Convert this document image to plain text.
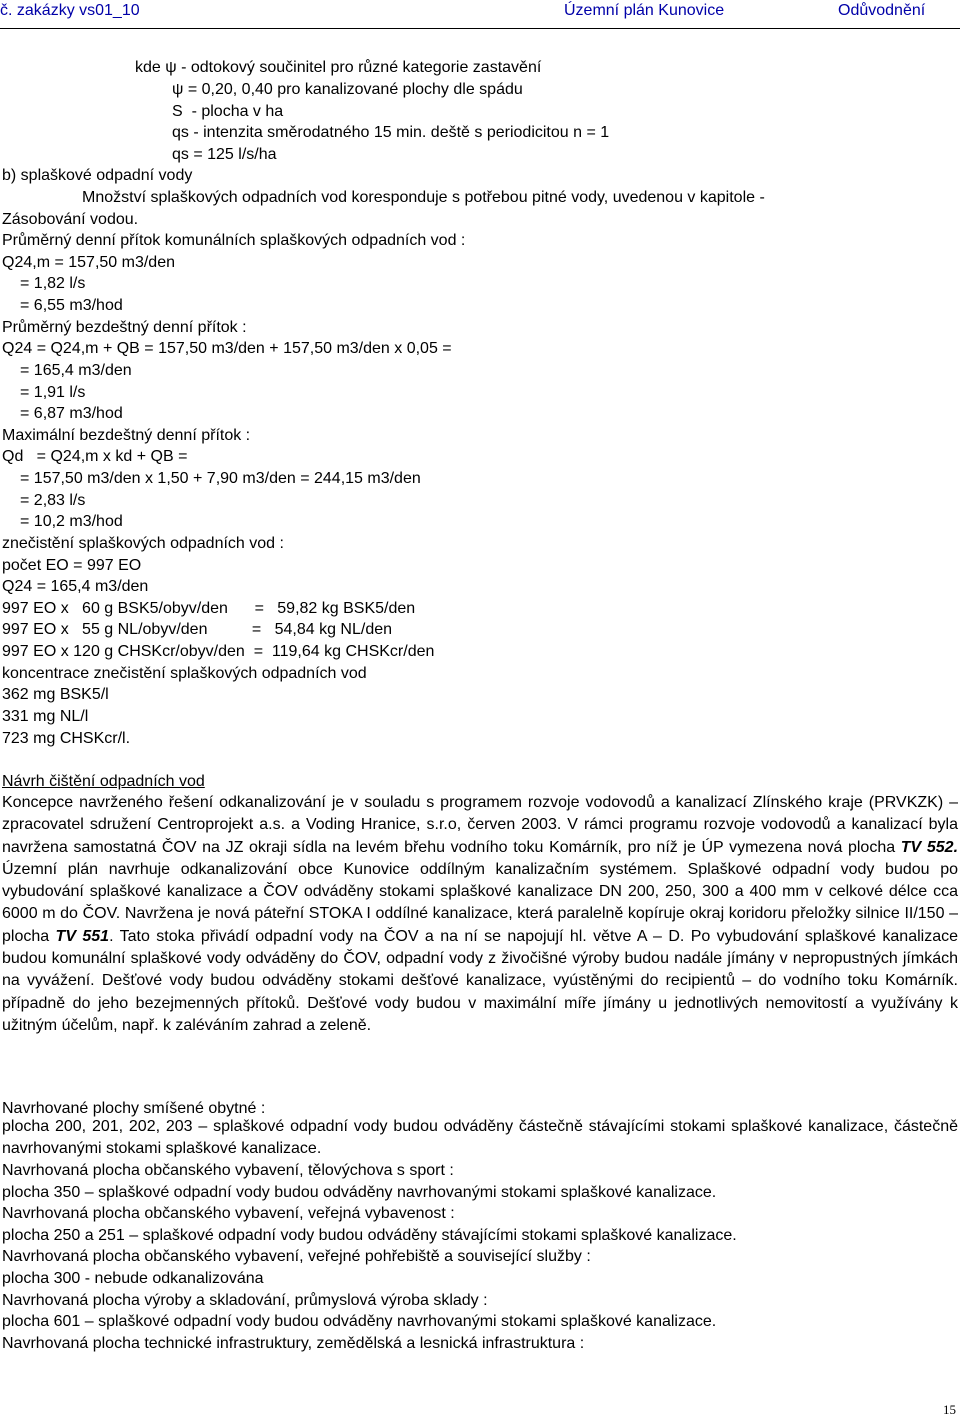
č. zakázky vs01_10	Územní plán Kunovice	Odůvodnění
kde ψ - odtokový součinitel pro různé kategorie zastavění
ψ = 0,20, 0,40 pro kanalizované plochy dle spádu
S  - plocha v ha
qs - intenzita směrodatného 15 min. deště s periodicitou n = 1
qs = 125 l/s/ha
b) splaškové odpadní vody
Množství splaškových odpadních vod koresponduje s potřebou pitné vody, uvedenou v kapitole -
Zásobování vodou.
Průměrný denní přítok komunálních splaškových odpadních vod :
Q24,m = 157,50 m3/den
= 1,82 l/s
= 6,55 m3/hod
Průměrný bezdeštný denní přítok :
Q24 = Q24,m + QB = 157,50 m3/den + 157,50 m3/den x 0,05 =
= 165,4 m3/den
= 1,91 l/s
= 6,87 m3/hod
Maximální bezdeštný denní přítok :
Qd   = Q24,m x kd + QB =
= 157,50 m3/den x 1,50 + 7,90 m3/den = 244,15 m3/den
= 2,83 l/s
= 10,2 m3/hod
znečistění splaškových odpadních vod :
počet EO = 997 EO
Q24 = 165,4 m3/den
997 EO x   60 g BSK5/obyv/den      =   59,82 kg BSK5/den
997 EO x   55 g NL/obyv/den          =   54,84 kg NL/den
997 EO x 120 g CHSKcr/obyv/den  =  119,64 kg CHSKcr/den
koncentrace znečistění splaškových odpadních vod
362 mg BSK5/l
331 mg NL/l
723 mg CHSKcr/l.
Návrh čištění odpadních vod
Koncepce navrženého řešení odkanalizování je v souladu s programem rozvoje vodovodů a kanalizací Zlínského kraje (PRVKZK) – zpracovatel sdružení Centroprojekt a.s. a Voding Hranice, s.r.o, červen 2003. V rámci programu rozvoje vodovodů a kanalizací byla navržena samostatná ČOV na JZ okraji sídla na levém břehu vodního toku Komárník, pro níž je ÚP vymezena nová plocha TV 552. Územní plán navrhuje odkanalizování obce Kunovice oddílným kanalizačním systémem. Splaškové odpadní vody budou po vybudování splaškové kanalizace a ČOV odváděny stokami splaškové kanalizace DN 200, 250, 300 a 400 mm v celkové délce cca 6000 m do ČOV. Navržena je nová páteřní STOKA I oddílné kanalizace, která paralelně kopíruje okraj koridoru přeložky silnice II/150 – plocha TV 551. Tato stoka přivádí odpadní vody na ČOV a na ní se napojují hl. větve A – D. Po vybudování splaškové kanalizace budou komunální splaškové vody odváděny do ČOV, odpadní vody z živočišné výroby budou nadále jímány v nepropustných jímkách na vyvážení. Dešťové vody budou odváděny stokami dešťové kanalizace, vyústěnými do recipientů – do vodního toku Komárník. případně do jeho bezejmenných přítoků. Dešťové vody budou v maximální míře jímány u jednotlivých nemovitostí a využívány k užitným účelům, např. k zaléváním zahrad a zeleně.
Navrhované plochy smíšené obytné :
plocha 200, 201, 202, 203 – splaškové odpadní vody budou odváděny částečně stávajícími stokami splaškové kanalizace, částečně navrhovanými stokami splaškové kanalizace.
Navrhovaná plocha občanského vybavení, tělovýchova s sport :
plocha 350 – splaškové odpadní vody budou odváděny navrhovanými stokami splaškové kanalizace.
Navrhovaná plocha občanského vybavení, veřejná vybavenost :
plocha 250 a 251 – splaškové odpadní vody budou odváděny stávajícími stokami splaškové kanalizace.
Navrhovaná plocha občanského vybavení, veřejné pohřebiště a související služby :
plocha 300 - nebude odkanalizována
Navrhovaná plocha výroby a skladování, průmyslová výroba sklady :
plocha 601 – splaškové odpadní vody budou odváděny navrhovanými stokami splaškové kanalizace.
Navrhovaná plocha technické infrastruktury, zemědělská a lesnická infrastruktura :
15
